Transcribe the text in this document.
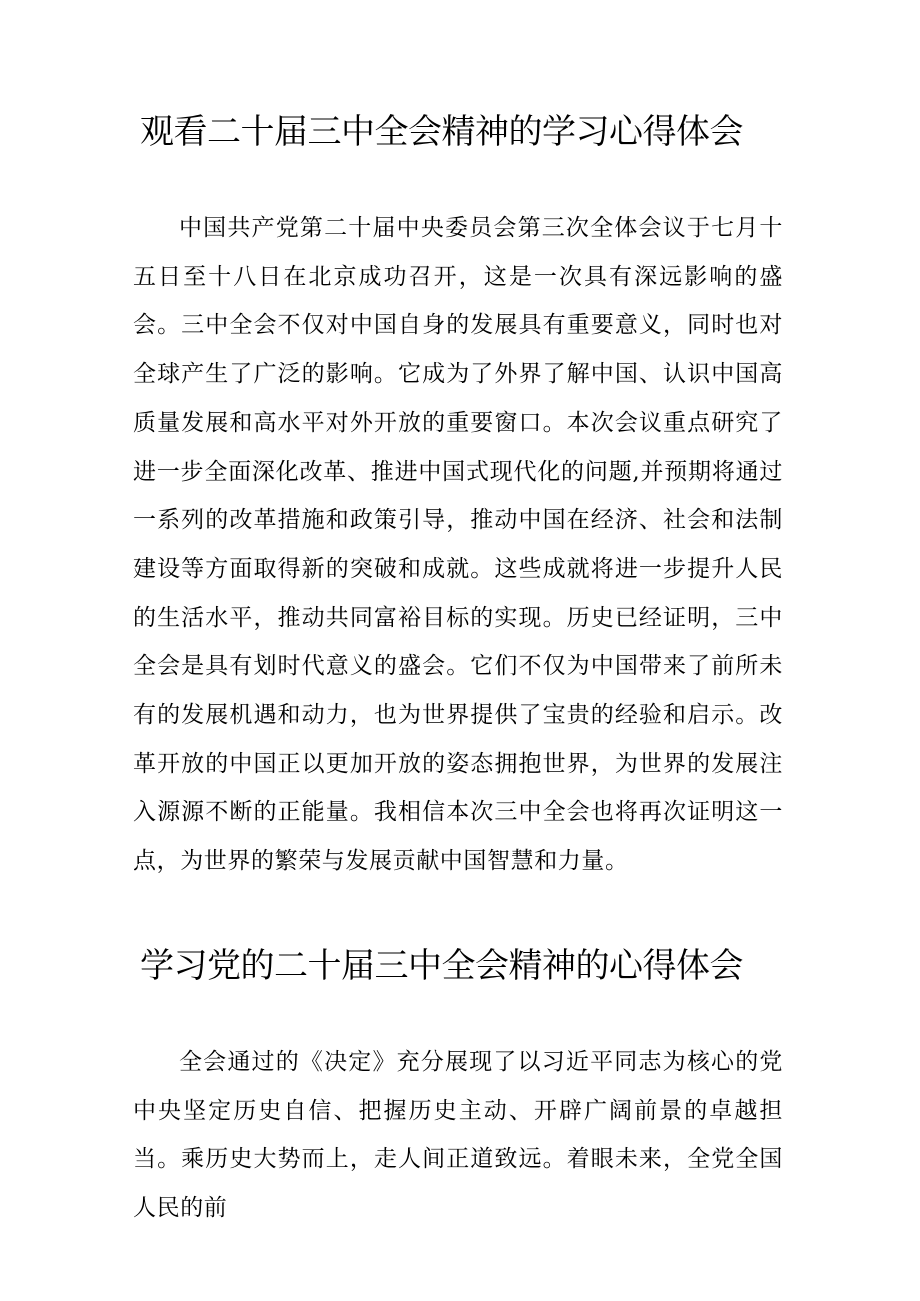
观看二十届三中全会精神的学习心得体会

中国共产党第二十届中央委员会第三次全体会议于七月十五日至十八日在北京成功召开，这是一次具有深远影响的盛会。三中全会不仅对中国自身的发展具有重要意义，同时也对全球产生了广泛的影响。它成为了外界了解中国、认识中国高质量发展和高水平对外开放的重要窗口。本次会议重点研究了进一步全面深化改革、推进中国式现代化的问题,并预期将通过一系列的改革措施和政策引导，推动中国在经济、社会和法制建设等方面取得新的突破和成就。这些成就将进一步提升人民的生活水平，推动共同富裕目标的实现。历史已经证明，三中全会是具有划时代意义的盛会。它们不仅为中国带来了前所未有的发展机遇和动力，也为世界提供了宝贵的经验和启示。改革开放的中国正以更加开放的姿态拥抱世界，为世界的发展注入源源不断的正能量。我相信本次三中全会也将再次证明这一点，为世界的繁荣与发展贡献中国智慧和力量。

学习党的二十届三中全会精神的心得体会

全会通过的《决定》充分展现了以习近平同志为核心的党中央坚定历史自信、把握历史主动、开辟广阔前景的卓越担当。乘历史大势而上，走人间正道致远。着眼未来，全党全国人民的前
